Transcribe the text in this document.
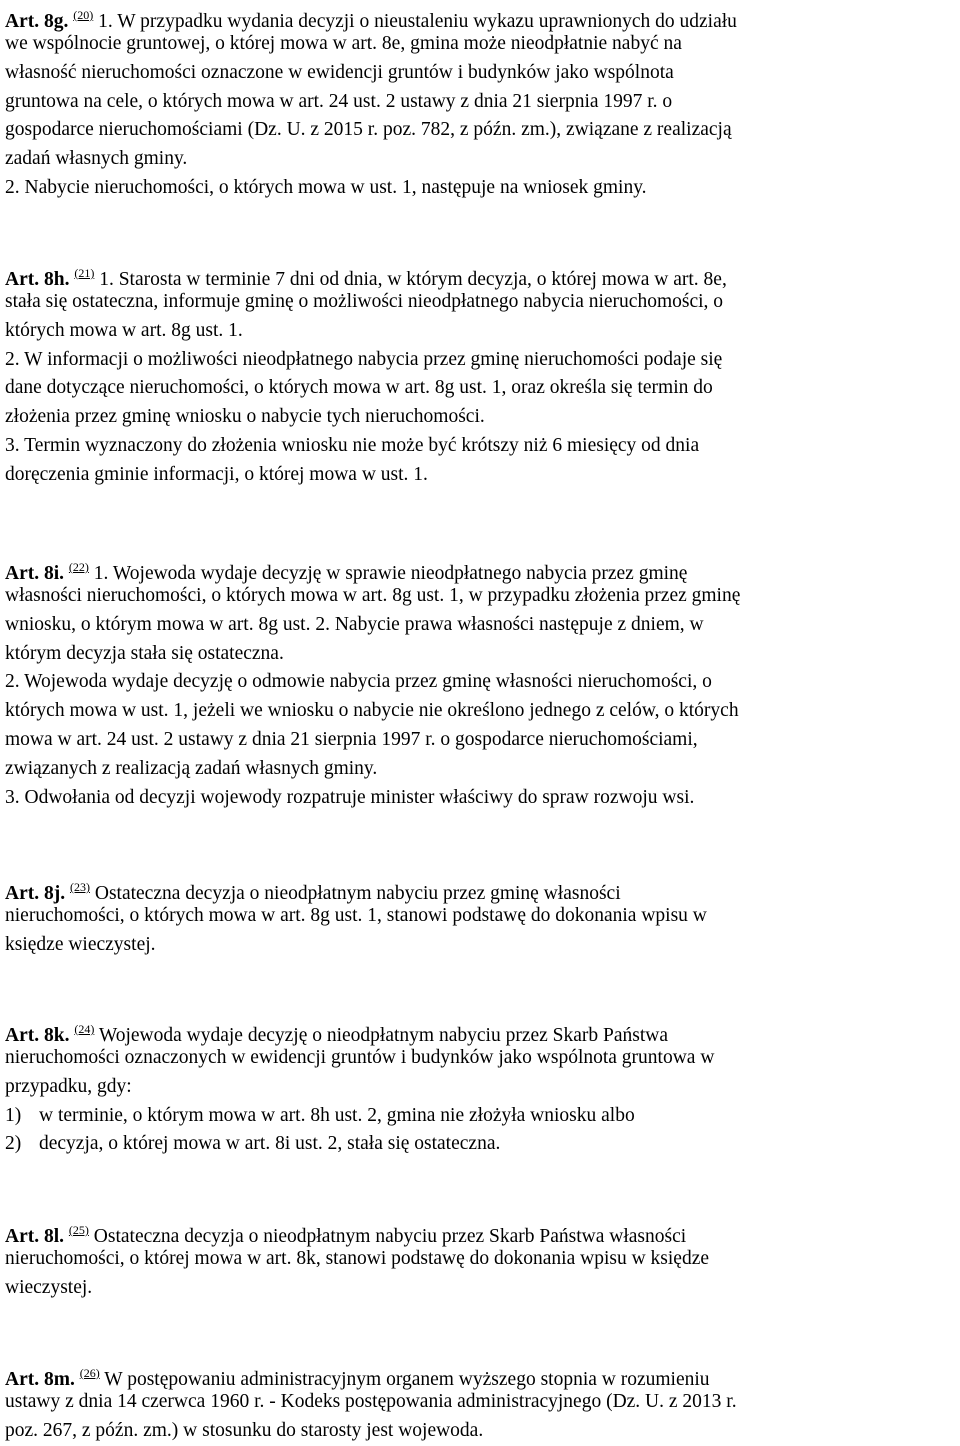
Art. 8g. $^{(20)}$ 1. W przypadku wydania decyzji o nieustaleniu wykazu uprawnionych do udziału
we wspólnocie gruntowej, o której mowa w art. 8e, gmina może nieodpłatnie nabyć na
własność nieruchomości oznaczone w ewidencji gruntów i budynków jako wspólnota
gruntowa na cele, o których mowa w art. 24 ust. 2 ustawy z dnia 21 sierpnia 1997 r. o
gospodarce nieruchomościami (Dz. U. z 2015 r. poz. 782, z późn. zm.), związane z realizacją
zadań własnych gminy.
2. Nabycie nieruchomości, o których mowa w ust. 1, następuje na wniosek gminy.
Art. 8h. $^{(21)}$ 1. Starosta w terminie 7 dni od dnia, w którym decyzja, o której mowa w art. 8e,
stała się ostateczna, informuje gminę o możliwości nieodpłatnego nabycia nieruchomości, o
których mowa w art. 8g ust. 1.
2. W informacji o możliwości nieodpłatnego nabycia przez gminę nieruchomości podaje się
dane dotyczące nieruchomości, o których mowa w art. 8g ust. 1, oraz określa się termin do
złożenia przez gminę wniosku o nabycie tych nieruchomości.
3. Termin wyznaczony do złożenia wniosku nie może być krótszy niż 6 miesięcy od dnia
doręczenia gminie informacji, o której mowa w ust. 1.
Art. 8i. $^{(22)}$ 1. Wojewoda wydaje decyzję w sprawie nieodpłatnego nabycia przez gminę
własności nieruchomości, o których mowa w art. 8g ust. 1, w przypadku złożenia przez gminę
wniosku, o którym mowa w art. 8g ust. 2. Nabycie prawa własności następuje z dniem, w
którym decyzja stała się ostateczna.
2. Wojewoda wydaje decyzję o odmowie nabycia przez gminę własności nieruchomości, o
których mowa w ust. 1, jeżeli we wniosku o nabycie nie określono jednego z celów, o których
mowa w art. 24 ust. 2 ustawy z dnia 21 sierpnia 1997 r. o gospodarce nieruchomościami,
związanych z realizacją zadań własnych gminy.
3. Odwołania od decyzji wojewody rozpatruje minister właściwy do spraw rozwoju wsi.
Art. 8j. $^{(23)}$ Ostateczna decyzja o nieodpłatnym nabyciu przez gminę własności
nieruchomości, o których mowa w art. 8g ust. 1, stanowi podstawę do dokonania wpisu w
księdze wieczystej.
Art. 8k. $^{(24)}$ Wojewoda wydaje decyzję o nieodpłatnym nabyciu przez Skarb Państwa
nieruchomości oznaczonych w ewidencji gruntów i budynków jako wspólnota gruntowa w
przypadku, gdy:
1) w terminie, o którym mowa w art. 8h ust. 2, gmina nie złożyła wniosku albo
2) decyzja, o której mowa w art. 8i ust. 2, stała się ostateczna.
Art. 8l. $^{(25)}$ Ostateczna decyzja o nieodpłatnym nabyciu przez Skarb Państwa własności
nieruchomości, o której mowa w art. 8k, stanowi podstawę do dokonania wpisu w księdze
wieczystej.
Art. 8m. $^{(26)}$ W postępowaniu administracyjnym organem wyższego stopnia w rozumieniu
ustawy z dnia 14 czerwca 1960 r. - Kodeks postępowania administracyjnego (Dz. U. z 2013 r.
poz. 267, z późn. zm.) w stosunku do starosty jest wojewoda.
